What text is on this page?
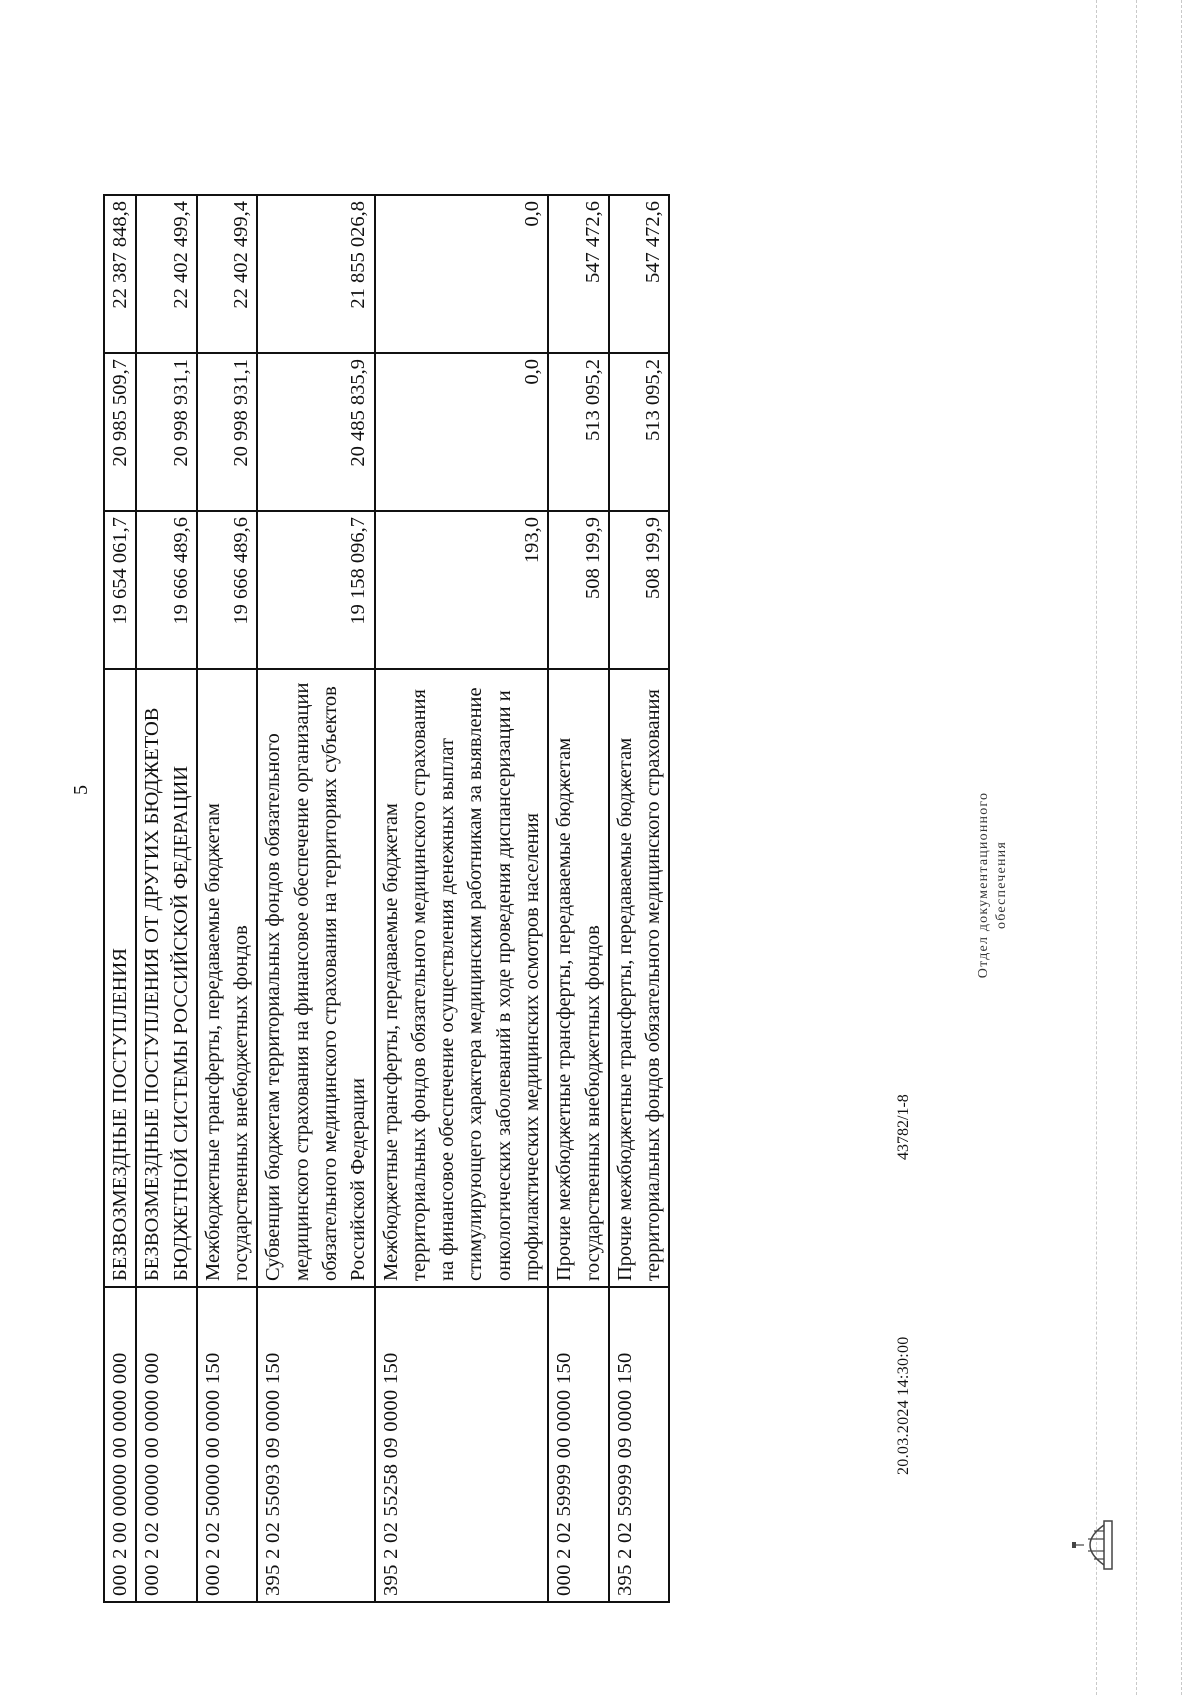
5
000 2 00 00000 00 0000 000	БЕЗВОЗМЕЗДНЫЕ ПОСТУПЛЕНИЯ	19 654 061,7	20 985 509,7	22 387 848,8
000 2 02 00000 00 0000 000	БЕЗВОЗМЕЗДНЫЕ ПОСТУПЛЕНИЯ ОТ ДРУГИХ БЮДЖЕТОВ БЮДЖЕТНОЙ СИСТЕМЫ РОССИЙСКОЙ ФЕДЕРАЦИИ	19 666 489,6	20 998 931,1	22 402 499,4
000 2 02 50000 00 0000 150	Межбюджетные трансферты, передаваемые бюджетам государственных внебюджетных фондов	19 666 489,6	20 998 931,1	22 402 499,4
395 2 02 55093 09 0000 150	Субвенции бюджетам территориальных фондов обязательного медицинского страхования на финансовое обеспечение организации обязательного медицинского страхования на территориях субъектов Российской Федерации	19 158 096,7	20 485 835,9	21 855 026,8
395 2 02 55258 09 0000 150	Межбюджетные трансферты, передаваемые бюджетам территориальных фондов обязательного медицинского страхования на финансовое обеспечение осуществления денежных выплат стимулирующего характера медицинским работникам за выявление онкологических заболеваний в ходе проведения диспансеризации и профилактических медицинских осмотров населения	193,0	0,0	0,0
000 2 02 59999 00 0000 150	Прочие межбюджетные трансферты, передаваемые бюджетам государственных внебюджетных фондов	508 199,9	513 095,2	547 472,6
395 2 02 59999 09 0000 150	Прочие межбюджетные трансферты, передаваемые бюджетам территориальных фондов обязательного медицинского страхования	508 199,9	513 095,2	547 472,6
20.03.2024 14:30:00
43782/1-8
Отдел документационного обеспечения
